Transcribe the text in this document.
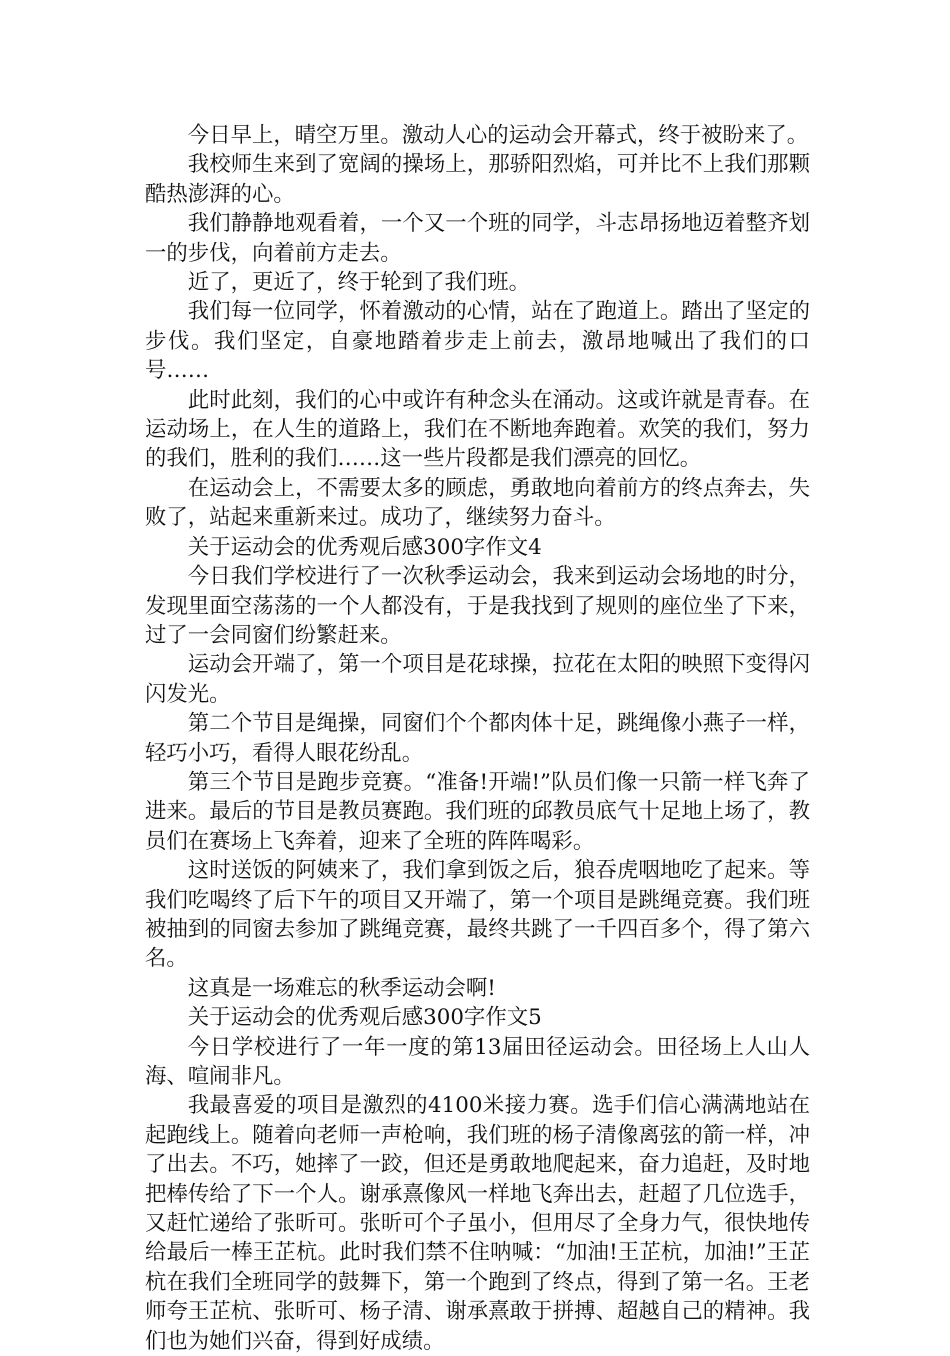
今日早上，晴空万里。激动人心的运动会开幕式，终于被盼来了。

我校师生来到了宽阔的操场上，那骄阳烈焰，可并比不上我们那颗酷热澎湃的心。

我们静静地观看着，一个又一个班的同学，斗志昂扬地迈着整齐划一的步伐，向着前方走去。

近了，更近了，终于轮到了我们班。

我们每一位同学，怀着激动的心情，站在了跑道上。踏出了坚定的步伐。我们坚定，自豪地踏着步走上前去，激昂地喊出了我们的口号……

此时此刻，我们的心中或许有种念头在涌动。这或许就是青春。在运动场上，在人生的道路上，我们在不断地奔跑着。欢笑的我们，努力的我们，胜利的我们……这一些片段都是我们漂亮的回忆。

在运动会上，不需要太多的顾虑，勇敢地向着前方的终点奔去，失败了，站起来重新来过。成功了，继续努力奋斗。

关于运动会的优秀观后感300字作文4

今日我们学校进行了一次秋季运动会，我来到运动会场地的时分，发现里面空荡荡的一个人都没有，于是我找到了规则的座位坐了下来，过了一会同窗们纷繁赶来。

运动会开端了，第一个项目是花球操，拉花在太阳的映照下变得闪闪发光。

第二个节目是绳操，同窗们个个都肉体十足，跳绳像小燕子一样，轻巧小巧，看得人眼花纷乱。

第三个节目是跑步竞赛。“准备!开端!”队员们像一只箭一样飞奔了进来。最后的节目是教员赛跑。我们班的邱教员底气十足地上场了，教员们在赛场上飞奔着，迎来了全班的阵阵喝彩。

这时送饭的阿姨来了，我们拿到饭之后，狼吞虎咽地吃了起来。等我们吃喝终了后下午的项目又开端了，第一个项目是跳绳竞赛。我们班被抽到的同窗去参加了跳绳竞赛，最终共跳了一千四百多个，得了第六名。

这真是一场难忘的秋季运动会啊!

关于运动会的优秀观后感300字作文5

今日学校进行了一年一度的第13届田径运动会。田径场上人山人海、喧闹非凡。

我最喜爱的项目是激烈的4100米接力赛。选手们信心满满地站在起跑线上。随着向老师一声枪响，我们班的杨子清像离弦的箭一样，冲了出去。不巧，她摔了一跤，但还是勇敢地爬起来，奋力追赶，及时地把棒传给了下一个人。谢承熹像风一样地飞奔出去，赶超了几位选手，又赶忙递给了张昕可。张昕可个子虽小，但用尽了全身力气，很快地传给最后一棒王芷杭。此时我们禁不住呐喊：“加油!王芷杭，加油!”王芷杭在我们全班同学的鼓舞下，第一个跑到了终点，得到了第一名。王老师夸王芷杭、张昕可、杨子清、谢承熹敢于拼搏、超越自己的精神。我们也为她们兴奋，得到好成绩。
